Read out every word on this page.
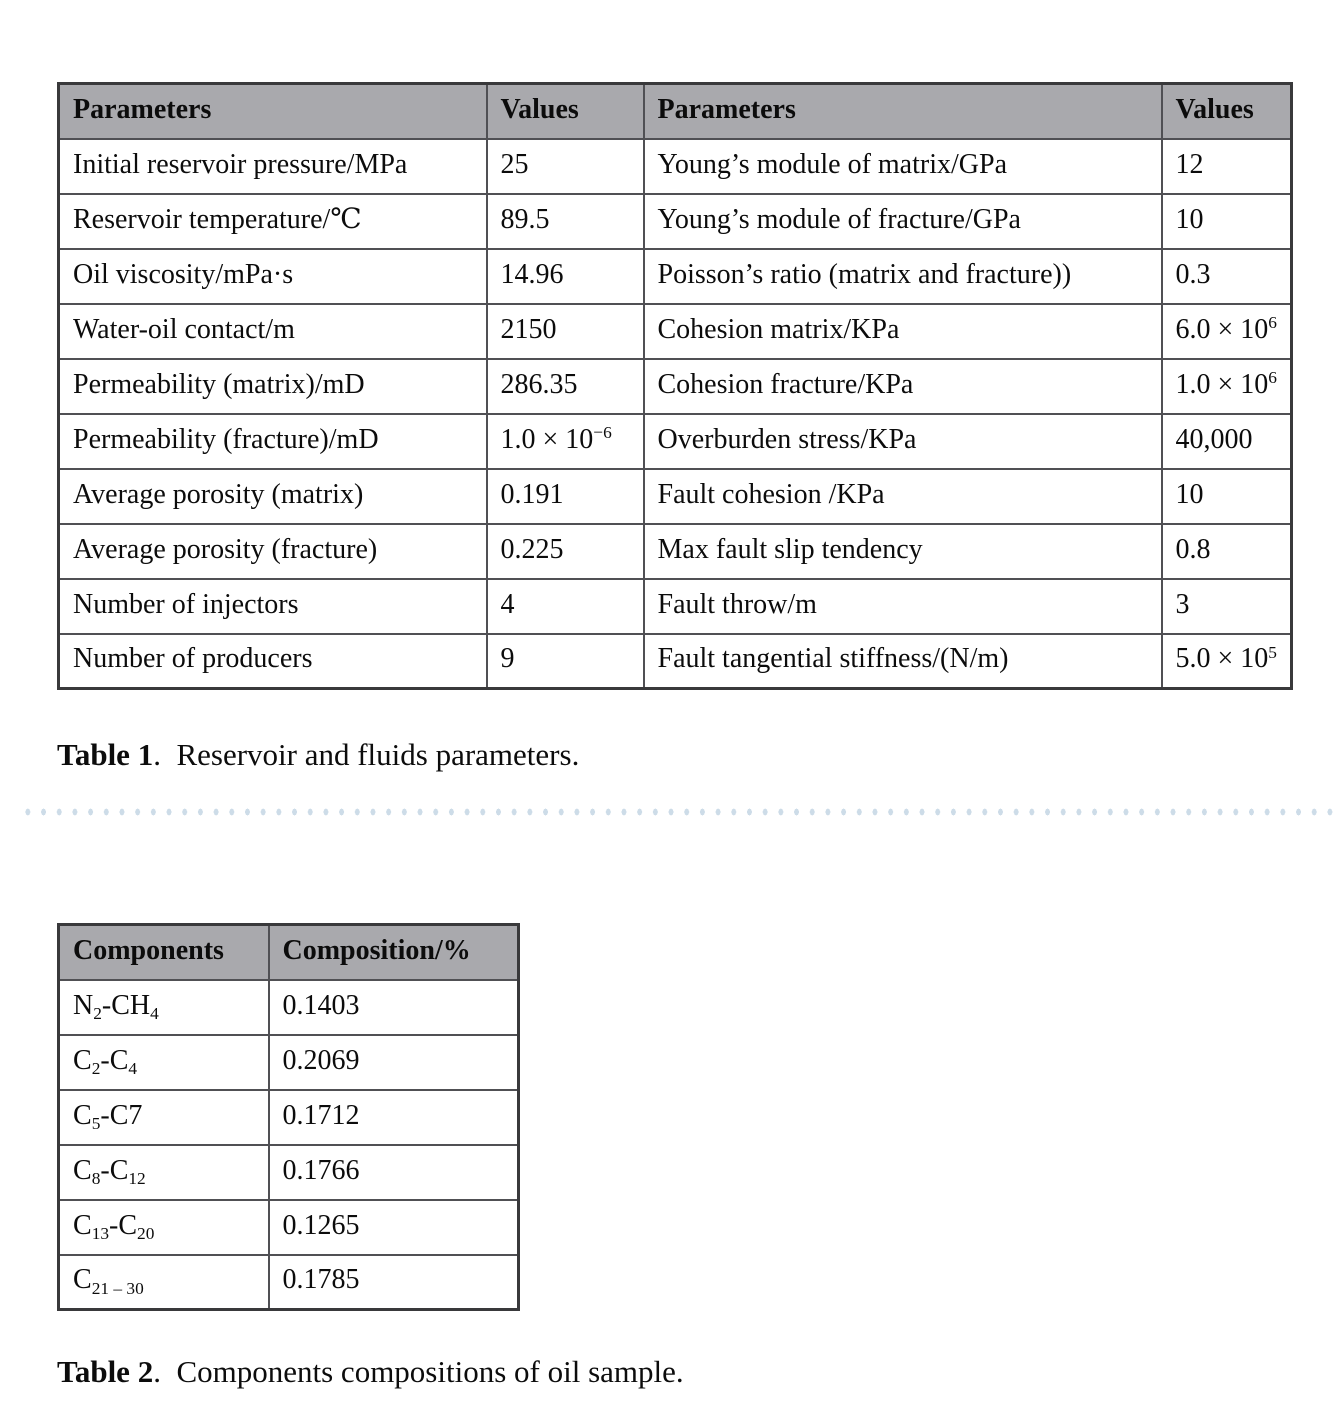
Parameters	Values	Parameters	Values
Initial reservoir pressure/MPa	25	Young’s module of matrix/GPa	12
Reservoir temperature/℃	89.5	Young’s module of fracture/GPa	10
Oil viscosity/mPa·s	14.96	Poisson’s ratio (matrix and fracture))	0.3
Water-oil contact/m	2150	Cohesion matrix/KPa	$6.0 \times 10^6$
Permeability (matrix)/mD	286.35	Cohesion fracture/KPa	$1.0 \times 10^6$
Permeability (fracture)/mD	$1.0 \times 10^{-6}$	Overburden stress/KPa	40,000
Average porosity (matrix)	0.191	Fault cohesion /KPa	10
Average porosity (fracture)	0.225	Max fault slip tendency	0.8
Number of injectors	4	Fault throw/m	3
Number of producers	9	Fault tangential stiffness/(N/m)	$5.0 \times 10^5$
Table 1.  Reservoir and fluids parameters.
Components	Composition/%
$N_2-CH_4$	0.1403
$C_2-C_4$	0.2069
$C_5-C7$	0.1712
$C_8-C_{12}$	0.1766
$C_{13}-C_{20}$	0.1265
$C_{21 - 30}$	0.1785
Table 2.  Components compositions of oil sample.
